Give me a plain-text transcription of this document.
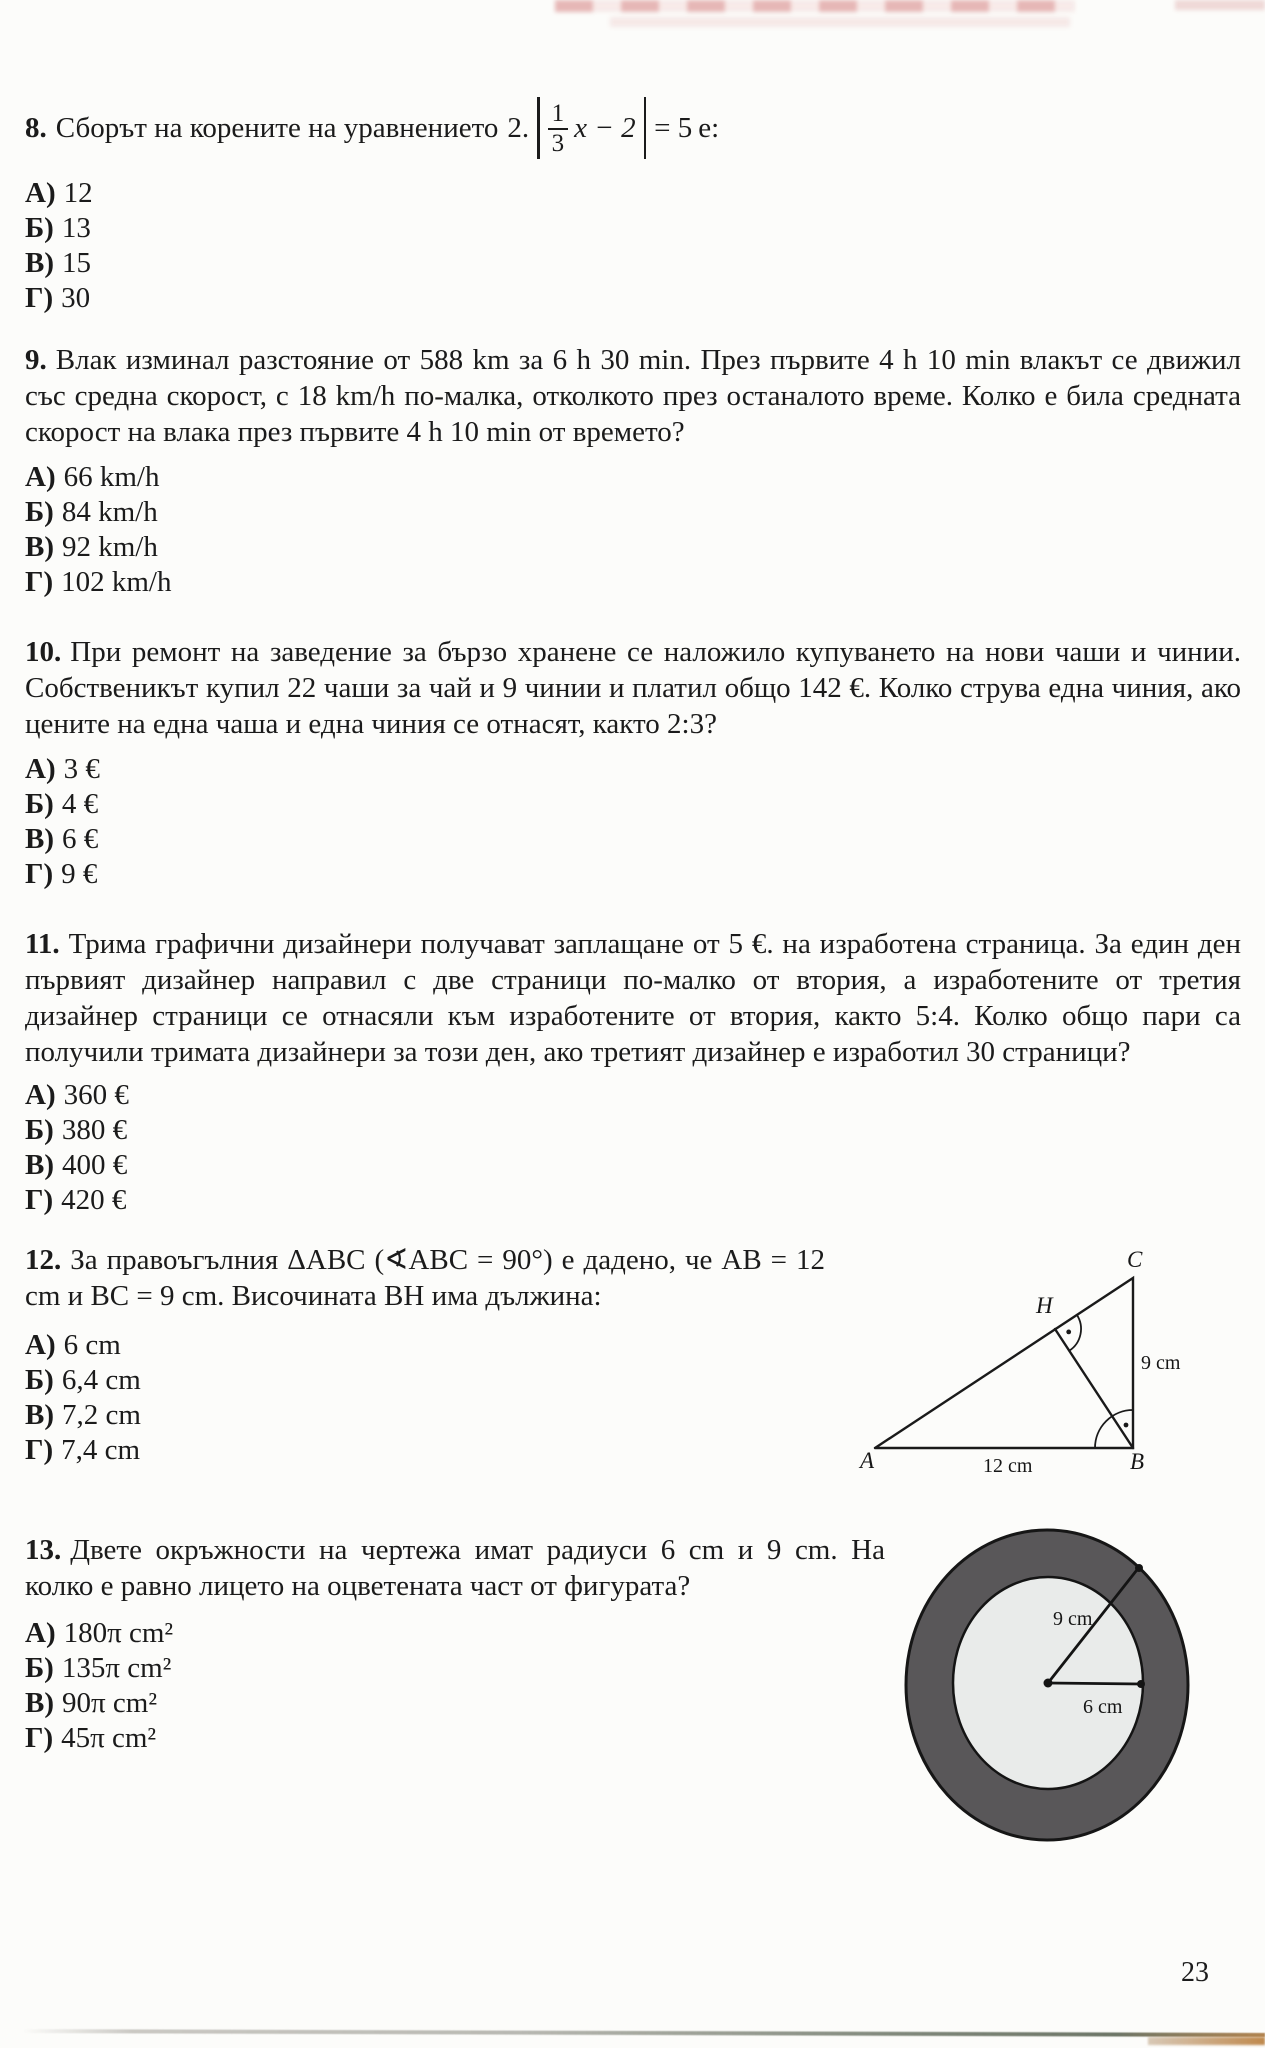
8. Сборът на корените на уравнението 2. $\frac{1}{3}$ x − 2 = 5 е:
А) 12
Б) 13
В) 15
Г) 30

9. Влак изминал разстояние от 588 km за 6 h 30 min. През първите 4 h 10 min влакът се движил със средна скорост, с 18 km/h по-малка, отколкото през останалото време. Колко е била средната скорост на влака през първите 4 h 10 min от времето?

А) 66 km/h
Б) 84 km/h
В) 92 km/h
Г) 102 km/h

10. При ремонт на заведение за бързо хранене се наложило купуването на нови чаши и чинии. Собственикът купил 22 чаши за чай и 9 чинии и платил общо 142 €. Колко струва една чиния, ако цените на една чаша и една чиния се отнасят, както 2:3?

А) 3 €
Б) 4 €
В) 6 €
Г) 9 €

11. Трима графични дизайнери получават заплащане от 5 €. на изработена страница. За един ден първият дизайнер направил с две страници по-малко от втория, а изработените от третия дизайнер страници се отнасяли към изработените от втория, както 5:4. Колко общо пари са получили тримата дизайнери за този ден, ако третият дизайнер е изработил 30 страници?

А) 360 €
Б) 380 €
В) 400 €
Г) 420 €

12. За правоъгълния ΔABC (∢ABC = 90°) е дадено, че AB = 12 cm и BC = 9 cm. Височината BH има дължина:

А) 6 cm
Б) 6,4 cm
В) 7,2 cm
Г) 7,4 cm	A	B
C
H
9 cm
12 cm

13. Двете окръжности на чертежа имат радиуси 6 cm и 9 cm. На колко е равно лицето на оцветената част от фигурата?

А) 180π cm²
Б) 135π cm²
В) 90π cm²
Г) 45π cm²
9 cm
6 cm
23
